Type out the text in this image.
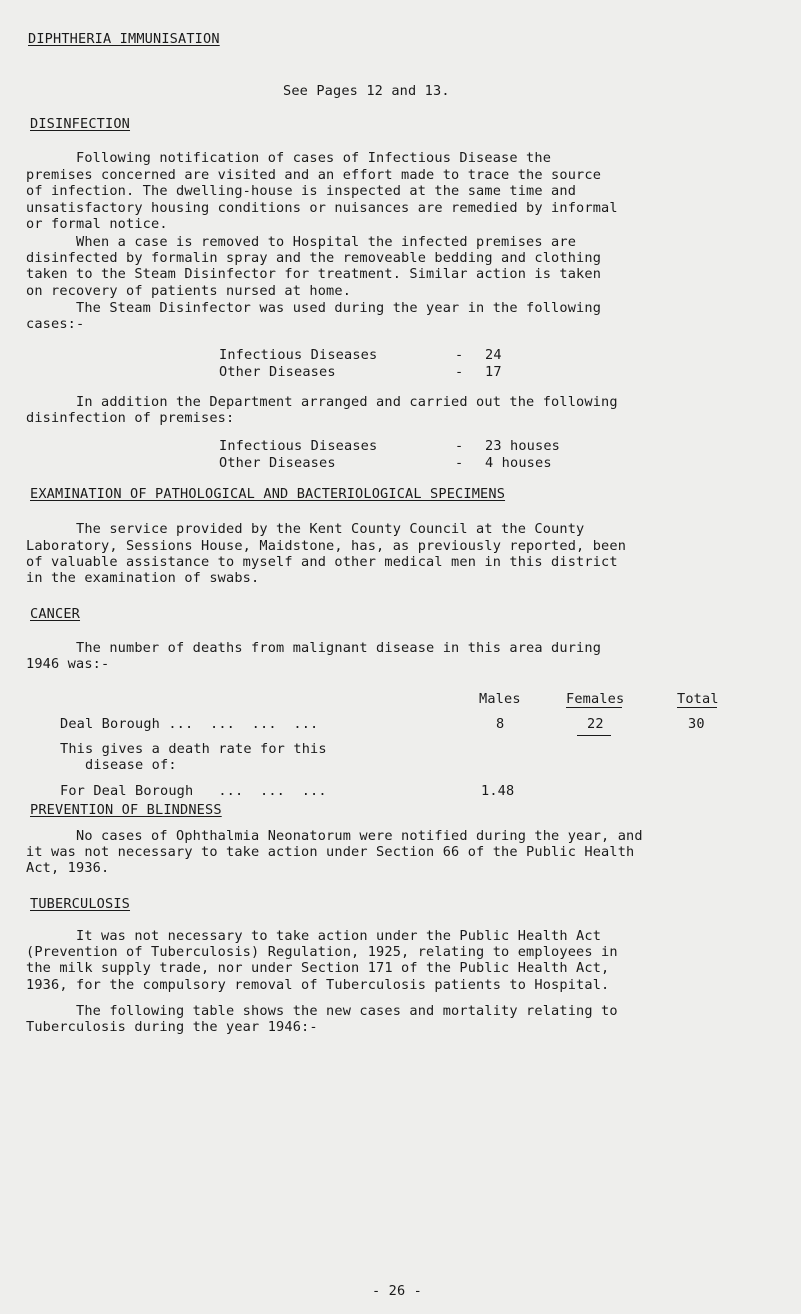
DIPHTHERIA IMMUNISATION
See Pages 12 and 13.
DISINFECTION
Following notification of cases of Infectious Disease the
premises concerned are visited and an effort made to trace the source
of infection. The dwelling-house is inspected at the same time and
unsatisfactory housing conditions or nuisances are remedied by informal
or formal notice.
When a case is removed to Hospital the infected premises are
disinfected by formalin spray and the removeable bedding and clothing
taken to the Steam Disinfector for treatment. Similar action is taken
on recovery of patients nursed at home.
The Steam Disinfector was used during the year in the following
cases:-
Infectious Diseases	- 24
Other Diseases	- 17
In addition the Department arranged and carried out the following
disinfection of premises:
Infectious Diseases	- 23 houses
Other Diseases	- 4 houses
EXAMINATION OF PATHOLOGICAL AND BACTERIOLOGICAL SPECIMENS
The service provided by the Kent County Council at the County
Laboratory, Sessions House, Maidstone, has, as previously reported, been
of valuable assistance to myself and other medical men in this district
in the examination of swabs.
CANCER
The number of deaths from malignant disease in this area during
1946 was:-
Males	Females	Total
Deal Borough ...  ...  ...  ...	8	22	30
This gives a death rate for this
disease of:
For Deal Borough   ...  ...  ...	1.48
PREVENTION OF BLINDNESS
No cases of Ophthalmia Neonatorum were notified during the year, and
it was not necessary to take action under Section 66 of the Public Health
Act, 1936.
TUBERCULOSIS
It was not necessary to take action under the Public Health Act
(Prevention of Tuberculosis) Regulation, 1925, relating to employees in
the milk supply trade, nor under Section 171 of the Public Health Act,
1936, for the compulsory removal of Tuberculosis patients to Hospital.
The following table shows the new cases and mortality relating to
Tuberculosis during the year 1946:-
- 26 -
